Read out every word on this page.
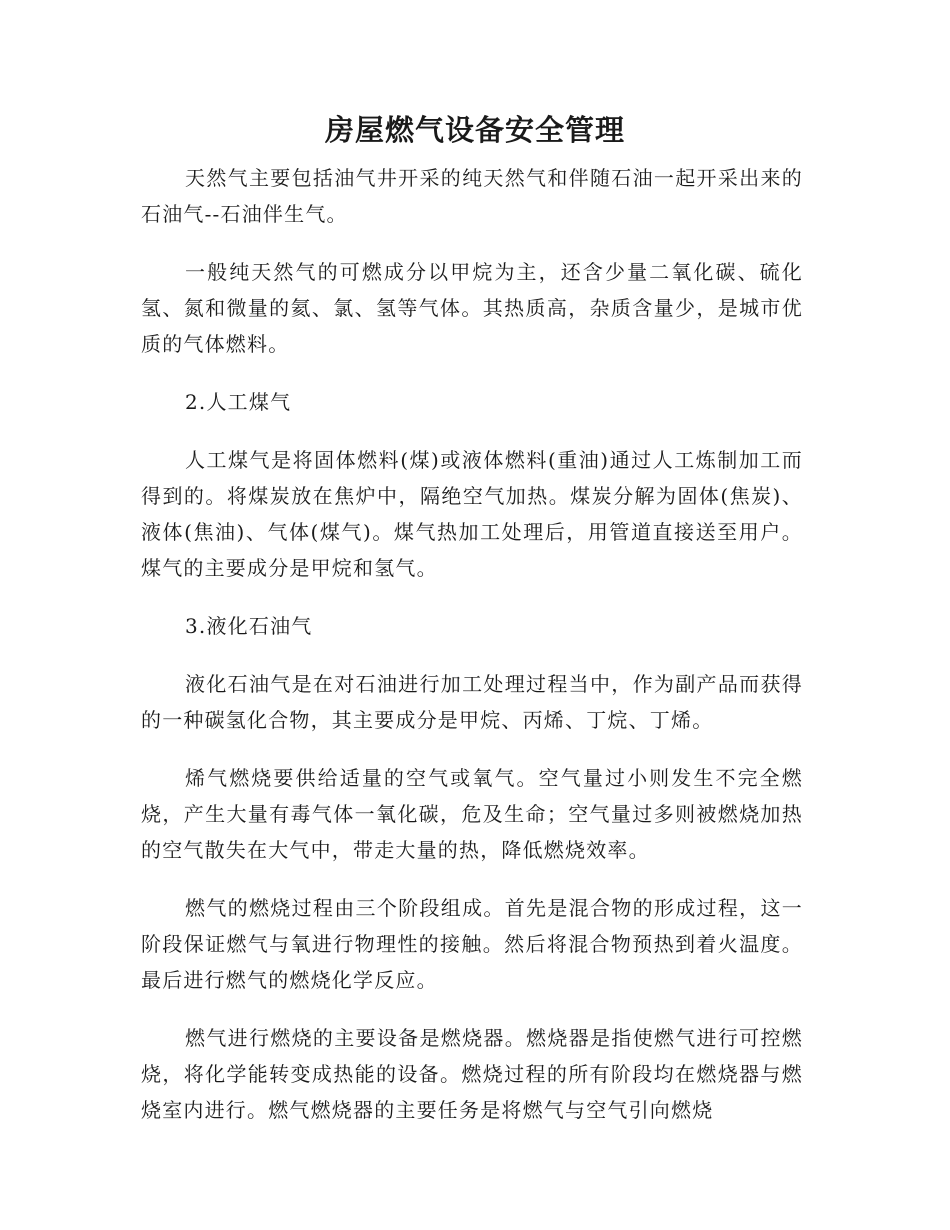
房屋燃气设备安全管理

天然气主要包括油气井开采的纯天然气和伴随石油一起开采出来的石油气--石油伴生气。

一般纯天然气的可燃成分以甲烷为主，还含少量二氧化碳、硫化氢、氮和微量的氦、氯、氢等气体。其热质高，杂质含量少，是城市优质的气体燃料。

2.人工煤气

人工煤气是将固体燃料(煤)或液体燃料(重油)通过人工炼制加工而得到的。将煤炭放在焦炉中，隔绝空气加热。煤炭分解为固体(焦炭)、液体(焦油)、气体(煤气)。煤气热加工处理后，用管道直接送至用户。煤气的主要成分是甲烷和氢气。

3.液化石油气

液化石油气是在对石油进行加工处理过程当中，作为副产品而获得的一种碳氢化合物，其主要成分是甲烷、丙烯、丁烷、丁烯。

烯气燃烧要供给适量的空气或氧气。空气量过小则发生不完全燃烧，产生大量有毒气体一氧化碳，危及生命；空气量过多则被燃烧加热的空气散失在大气中，带走大量的热，降低燃烧效率。

燃气的燃烧过程由三个阶段组成。首先是混合物的形成过程，这一阶段保证燃气与氧进行物理性的接触。然后将混合物预热到着火温度。最后进行燃气的燃烧化学反应。

燃气进行燃烧的主要设备是燃烧器。燃烧器是指使燃气进行可控燃烧，将化学能转变成热能的设备。燃烧过程的所有阶段均在燃烧器与燃烧室内进行。燃气燃烧器的主要任务是将燃气与空气引向燃烧
